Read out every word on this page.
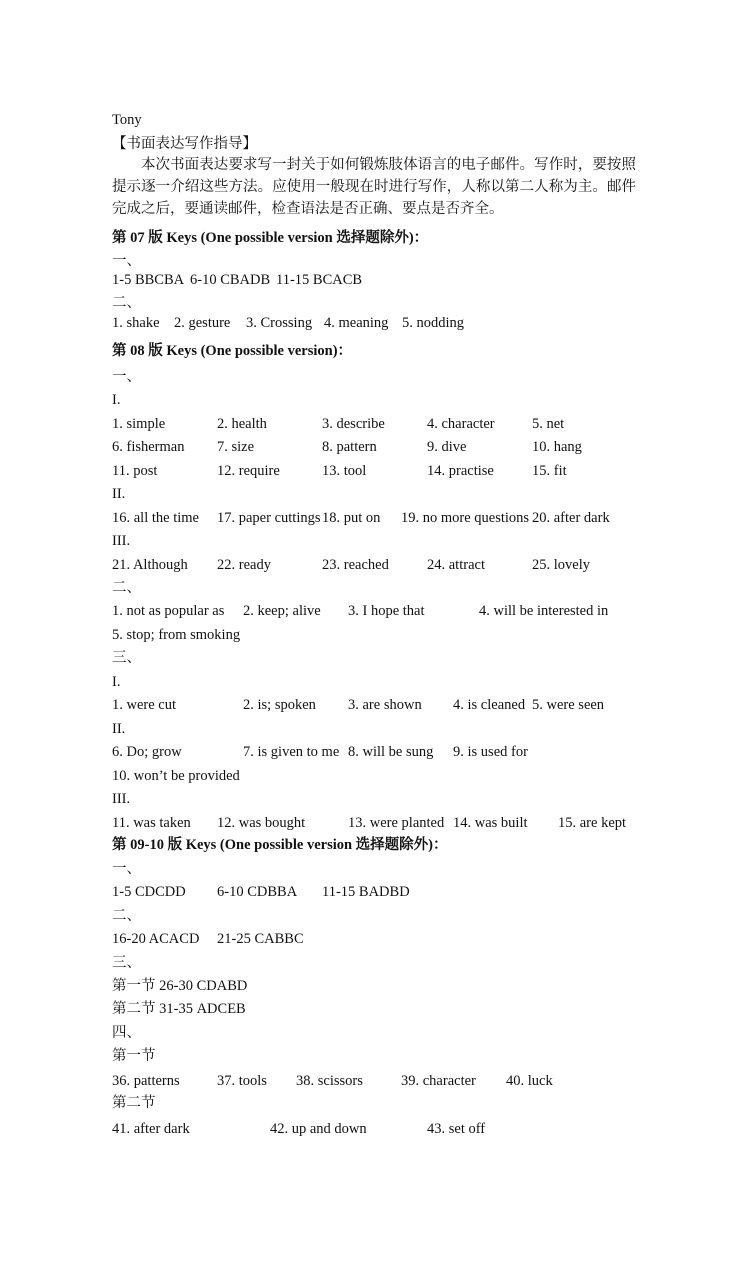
Tony
【书面表达写作指导】
本次书面表达要求写一封关于如何锻炼肢体语言的电子邮件。写作时，要按照提示逐一介绍这些方法。应使用一般现在时进行写作，人称以第二人称为主。邮件完成之后，要通读邮件，检查语法是否正确、要点是否齐全。
第 07 版 Keys (One possible version 选择题除外)：
一、
1-5 BBCBA 6-10 CBADB 11-15 BCACB
二、
1. shake 2. gesture 3. Crossing 4. meaning 5. nodding
第 08 版 Keys (One possible version)：
一、
I.
1. simple	2. health	3. describe	4. character	5. net
6. fisherman 7. size	8. pattern	9. dive	10. hang
11. post	12. require	13. tool	14. practise	15. fit
II.
16. all the time 17. paper cuttings 18. put on 19. no more questions 20. after dark
III.
21. Although 22. ready	23. reached	24. attract	25. lovely
二、
1. not as popular as 2. keep; alive 3. I hope that	4. will be interested in
5. stop; from smoking
三、
I.
1. were cut	2. is; spoken 3. are shown 4. is cleaned 5. were seen
II.
6. Do; grow	7. is given to me 8. will be sung 9. is used for
10. won’t be provided
III.
11. was taken 12. was bought	13. were planted 14. was built 15. are kept
第 09-10 版 Keys (One possible version 选择题除外)：
一、
1-5 CDCDD 6-10 CDBBA 11-15 BADBD
二、
16-20 ACACD 21-25 CABBC
三、
第一节 26-30 CDABD
第二节 31-35 ADCEB
四、
第一节
36. patterns	37. tools 38. scissors	39. character 40. luck
第二节
41. after dark	42. up and down	43. set off
